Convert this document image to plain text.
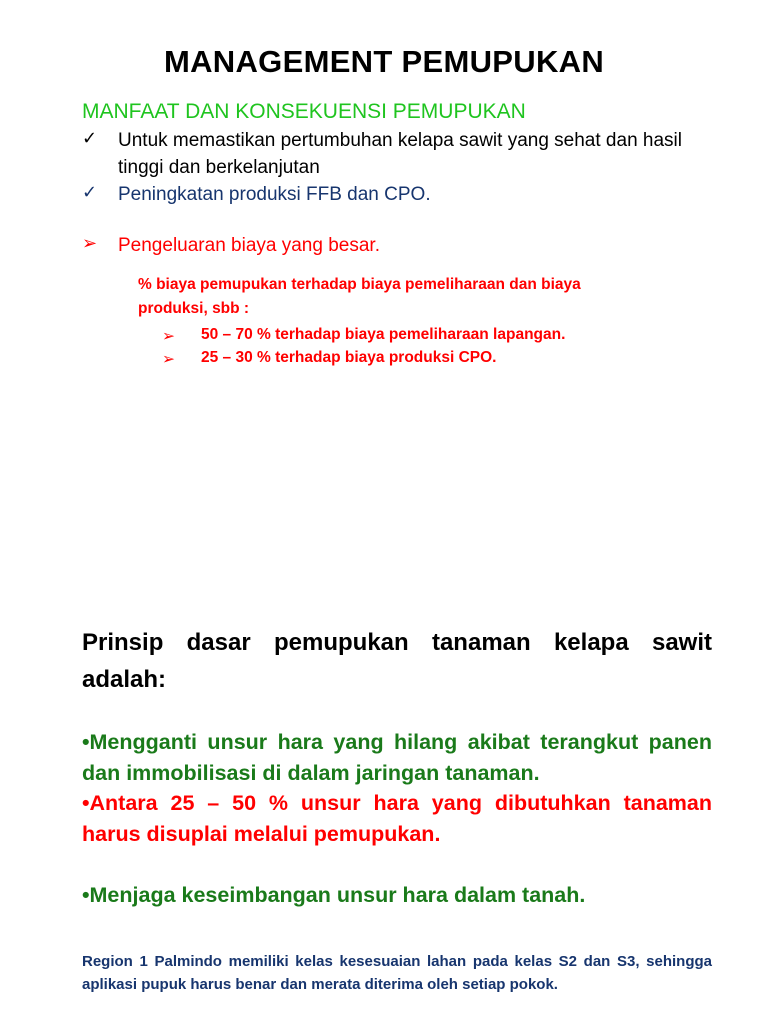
MANAGEMENT PEMUPUKAN
MANFAAT DAN KONSEKUENSI PEMUPUKAN
✓ Untuk memastikan pertumbuhan kelapa sawit yang sehat dan hasil tinggi dan berkelanjutan
✓ Peningkatan produksi FFB dan CPO.
➢ Pengeluaran biaya yang besar.
% biaya pemupukan terhadap biaya pemeliharaan dan biaya produksi, sbb :
➢ 50 – 70 % terhadap biaya pemeliharaan lapangan.
➢ 25 – 30 % terhadap biaya produksi CPO.
Prinsip dasar pemupukan tanaman kelapa sawit adalah:
•Mengganti unsur hara yang hilang akibat terangkut panen dan immobilisasi di dalam jaringan tanaman.
•Antara 25 – 50 % unsur hara yang dibutuhkan tanaman harus disuplai melalui pemupukan.
•Menjaga keseimbangan unsur hara dalam tanah.
Region 1 Palmindo memiliki kelas kesesuaian lahan pada kelas S2 dan S3, sehingga aplikasi pupuk harus benar dan merata diterima oleh setiap pokok.
